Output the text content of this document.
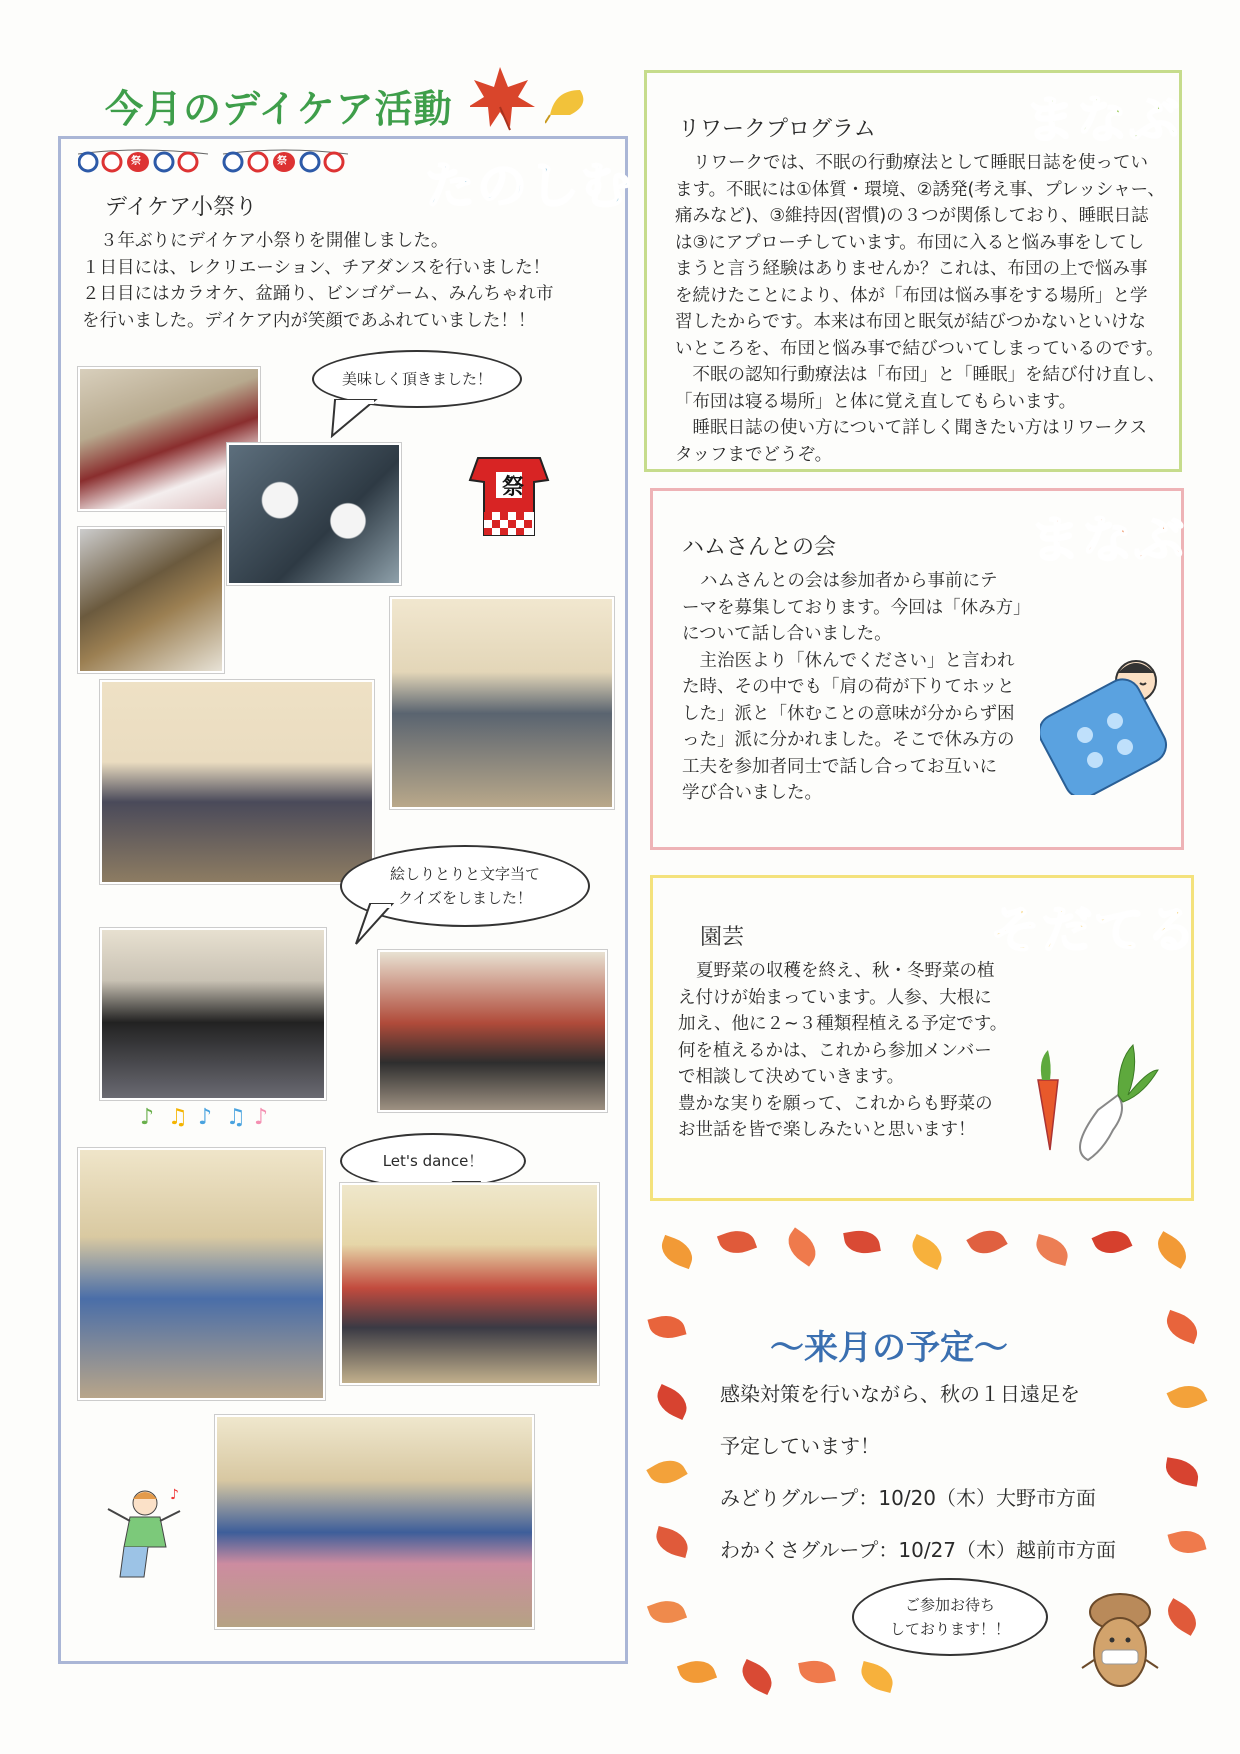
今月のデイケア活動
祭	祭	たのしむ
デイケア小祭り

３年ぶりにデイケア小祭りを開催しました。

１日目には、レクリエーション、チアダンスを行いました！

２日目にはカラオケ、盆踊り、ビンゴゲーム、みんちゃれ市

を行いました。デイケア内が笑顔であふれていました！！

美味しく頂きました！
祭
絵しりとりと文字当て
クイズをしました！
♪ ♫ ♪ ♫ ♪
Let's dance！
♪
まなぶ
リワークプログラム

リワークでは、不眠の行動療法として睡眠日誌を使ってい

ます。不眠には①体質・環境、②誘発(考え事、プレッシャー、

痛みなど)、③維持因(習慣)の３つが関係しており、睡眠日誌

は③にアプローチしています。布団に入ると悩み事をしてし

まうと言う経験はありませんか？これは、布団の上で悩み事

を続けたことにより、体が「布団は悩み事をする場所」と学

習したからです。本来は布団と眠気が結びつかないといけな

いところを、布団と悩み事で結びついてしまっているのです。

　不眠の認知行動療法は「布団」と「睡眠」を結び付け直し、

「布団は寝る場所」と体に覚え直してもらいます。

　睡眠日誌の使い方について詳しく聞きたい方はリワークス

タッフまでどうぞ。

まなぶ
ハムさんとの会

ハムさんとの会は参加者から事前にテ

ーマを募集しております。今回は「休み方」

について話し合いました。

　主治医より「休んでください」と言われ

た時、その中でも「肩の荷が下りてホッと

した」派と「休むことの意味が分からず困

った」派に分かれました。そこで休み方の

工夫を参加者同士で話し合ってお互いに

学び合いました。

そだてる
園芸

夏野菜の収穫を終え、秋・冬野菜の植

え付けが始まっています。人参、大根に

加え、他に２~３種類程植える予定です。

何を植えるかは、これから参加メンバー

で相談して決めていきます。

豊かな実りを願って、これからも野菜の

お世話を皆で楽しみたいと思います！

～来月の予定～
感染対策を行いながら、秋の１日遠足を
予定しています！
みどりグループ：10/20（木）大野市方面
わかくさグループ：10/27（木）越前市方面
ご参加お待ち
しております！！
